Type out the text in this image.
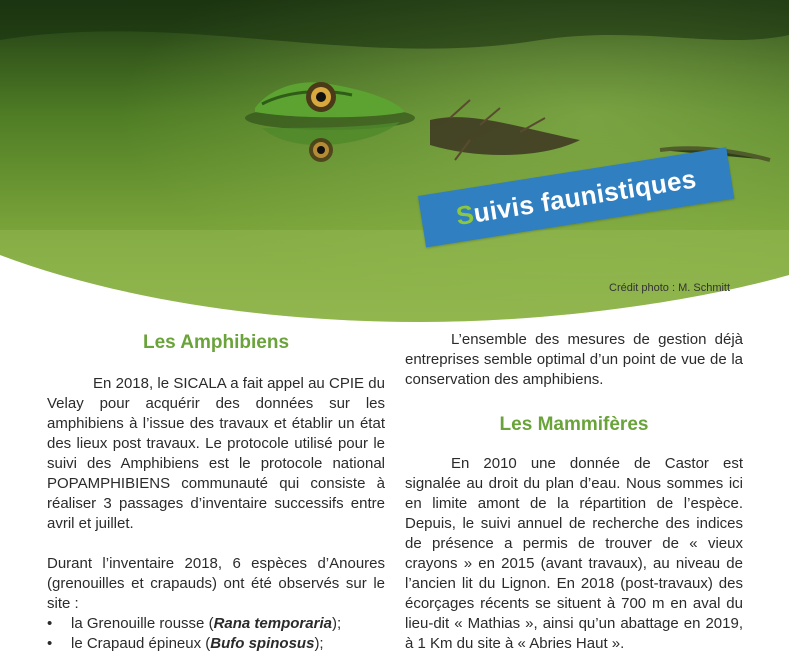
S
uivis faunistiques
Crédit photo : M. Schmitt
Les Amphibiens

En 2018, le SICALA a fait appel au CPIE du Velay pour acquérir des données sur les amphibiens à l’issue des travaux et établir un état des lieux post travaux. Le protocole utilisé pour le suivi des Amphibiens est le protocole national POPAMPHIBIENS communauté qui consiste à réaliser 3 passages d’inventaire successifs entre avril et juillet.

Durant l’inventaire 2018, 6 espèces d’Anoures (grenouilles et crapauds) ont été observés sur le site :

• la Grenouille rousse (Rana temporaria);
• le Crapaud épineux (Bufo spinosus);

L’ensemble des mesures de gestion déjà entreprises semble optimal d’un point de vue de la conservation des amphibiens.

Les Mammifères

En 2010 une donnée de Castor est signalée au droit du plan d’eau. Nous sommes ici en limite amont de la répartition de l’espèce. Depuis, le suivi annuel de recherche des indices de présence a permis de trouver de « vieux crayons » en 2015 (avant travaux), au niveau de l’ancien lit du Lignon. En 2018 (post-travaux) des écorçages récents se situent à 700 m en aval du lieu-dit « Mathias », ainsi qu’un abattage en 2019, à 1 Km du site à « Abries Haut ».
